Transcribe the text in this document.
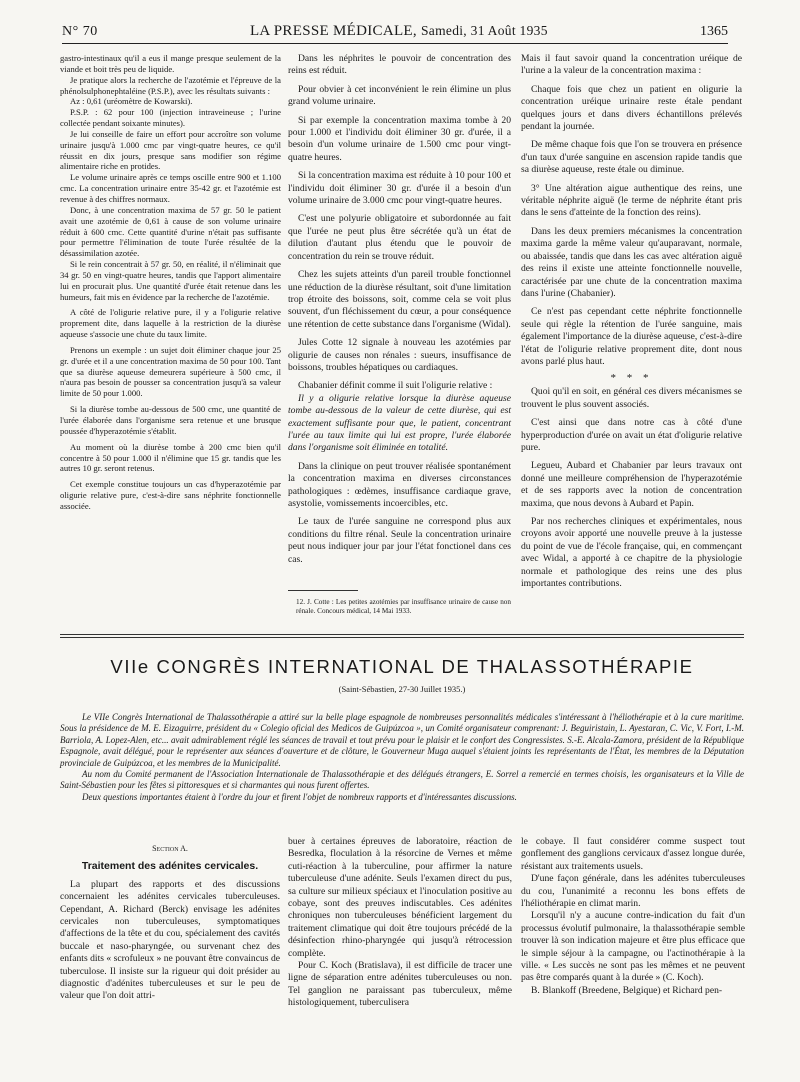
N° 70	LA PRESSE MÉDICALE, Samedi, 31 Août 1935	1365

gastro-intestinaux qu'il a eus il mange presque seulement de la viande et boit très peu de liquide.

Je pratique alors la recherche de l'azotémie et l'épreuve de la phénolsulphonephtaléine (P.S.P.), avec les résultats suivants :

Az : 0,61 (uréomètre de Kowarski).

P.S.P. : 62 pour 100 (injection intraveineuse ; l'urine collectée pendant soixante minutes).

Je lui conseille de faire un effort pour accroître son volume urinaire jusqu'à 1.000 cmc par vingt-quatre heures, ce qu'il réussit en dix jours, presque sans modifier son régime alimentaire riche en protides.

Le volume urinaire après ce temps oscille entre 900 et 1.100 cmc. La concentration urinaire entre 35-42 gr. et l'azotémie est revenue à des chiffres normaux.

Donc, à une concentration maxima de 57 gr. 50 le patient avait une azotémie de 0,61 à cause de son volume urinaire réduit à 600 cmc. Cette quantité d'urine n'était pas suffisante pour permettre l'élimination de toute l'urée résultée de la désassimilation azotée.

Si le rein concentrait à 57 gr. 50, en réalité, il n'éliminait que 34 gr. 50 en vingt-quatre heures, tandis que l'apport alimentaire lui en procurait plus. Une quantité d'urée était retenue dans les humeurs, fait mis en évidence par la recherche de l'azotémie.

A côté de l'oligurie relative pure, il y a l'oligurie relative proprement dite, dans laquelle à la restriction de la diurèse aqueuse s'associe une chute du taux limite.

Prenons un exemple : un sujet doit éliminer chaque jour 25 gr. d'urée et il a une concentration maxima de 50 pour 100. Tant que sa diurèse aqueuse demeurera supérieure à 500 cmc, il n'aura pas besoin de pousser sa concentration jusqu'à sa valeur limite de 50 pour 1.000.

Si la diurèse tombe au-dessous de 500 cmc, une quantité de l'urée élaborée dans l'organisme sera retenue et une brusque poussée d'hyperazotémie s'établit.

Au moment où la diurèse tombe à 200 cmc bien qu'il concentre à 50 pour 1.000 il n'élimine que 15 gr. tandis que les autres 10 gr. seront retenus.

Cet exemple constitue toujours un cas d'hyperazotémie par oligurie relative pure, c'est-à-dire sans néphrite fonctionnelle associée.

Dans les néphrites le pouvoir de concentration des reins est réduit.

Pour obvier à cet inconvénient le rein élimine un plus grand volume urinaire.

Si par exemple la concentration maxima tombe à 20 pour 1.000 et l'individu doit éliminer 30 gr. d'urée, il a besoin d'un volume urinaire de 1.500 cmc pour vingt-quatre heures.

Si la concentration maxima est réduite à 10 pour 100 et l'individu doit éliminer 30 gr. d'urée il a besoin d'un volume urinaire de 3.000 cmc pour vingt-quatre heures.

C'est une polyurie obligatoire et subordonnée au fait que l'urée ne peut plus être sécrétée qu'à un état de dilution d'autant plus étendu que le pouvoir de concentration du rein se trouve réduit.

Chez les sujets atteints d'un pareil trouble fonctionnel une réduction de la diurèse résultant, soit d'une limitation trop étroite des boissons, soit, comme cela se voit plus souvent, d'un fléchissement du cœur, a pour conséquence une rétention de cette substance dans l'organisme (Widal).

Jules Cotte 12 signale à nouveau les azotémies par oligurie de causes non rénales : sueurs, insuffisance de boissons, troubles hépatiques ou cardiaques.

Chabanier définit comme il suit l'oligurie relative :

Il y a oligurie relative lorsque la diurèse aqueuse tombe au-dessous de la valeur de cette diurèse, qui est exactement suffisante pour que, le patient, concentrant l'urée au taux limite qui lui est propre, l'urée élaborée dans l'organisme soit éliminée en totalité.

Dans la clinique on peut trouver réalisée spontanément la concentration maxima en diverses circonstances pathologiques : œdèmes, insuffisance cardiaque grave, asystolie, vomissements incoercibles, etc.

Le taux de l'urée sanguine ne correspond plus aux conditions du filtre rénal. Seule la concentration urinaire peut nous indiquer jour par jour l'état fonctionel dans ces cas.

12. J. Cotte : Les petites azotémies par insuffisance urinaire de cause non rénale. Concours médical, 14 Mai 1933.

Mais il faut savoir quand la concentration uréique de l'urine a la valeur de la concentration maxima :

Chaque fois que chez un patient en oligurie la concentration uréique urinaire reste étale pendant quelques jours et dans divers échantillons prélevés pendant la journée.

De même chaque fois que l'on se trouvera en présence d'un taux d'urée sanguine en ascension rapide tandis que sa diurèse aqueuse, reste étale ou diminue.

3° Une altération aigue authentique des reins, une véritable néphrite aiguë (le terme de néphrite étant pris dans le sens d'atteinte de la fonction des reins).

Dans les deux premiers mécanismes la concentration maxima garde la même valeur qu'auparavant, normale, ou abaissée, tandis que dans les cas avec altération aiguë des reins il existe une atteinte fonctionnelle nouvelle, caractérisée par une chute de la concentration maxima dans l'urine (Chabanier).

Ce n'est pas cependant cette néphrite fonctionnelle seule qui règle la rétention de l'urée sanguine, mais également l'importance de la diurèse aqueuse, c'est-à-dire l'état de l'oligurie relative proprement dite, dont nous avons parlé plus haut.

* * *

Quoi qu'il en soit, en général ces divers mécanismes se trouvent le plus souvent associés.

C'est ainsi que dans notre cas à côté d'une hyperproduction d'urée on avait un état d'oligurie relative pure.

Legueu, Aubard et Chabanier par leurs travaux ont donné une meilleure compréhension de l'hyperazotémie et de ses rapports avec la notion de concentration maxima, que nous devons à Aubard et Papin.

Par nos recherches cliniques et expérimentales, nous croyons avoir apporté une nouvelle preuve à la justesse du point de vue de l'école française, qui, en commençant avec Widal, a apporté à ce chapitre de la physiologie normale et pathologique des reins une des plus importantes contributions.

VIIe CONGRÈS INTERNATIONAL DE THALASSOTHÉRAPIE
(Saint-Sébastien, 27-30 Juillet 1935.)

Le VIIe Congrès International de Thalassothérapie a attiré sur la belle plage espagnole de nombreuses personnalités médicales s'intéressant à l'héliothérapie et à la cure maritime. Sous la présidence de M. E. Eizaguirre, président du « Colegio oficial des Medicos de Guipúzcoa », un Comité organisateur comprenant: J. Beguiristain, L. Ayestaran, C. Vic, V. Fort, I.-M. Barriola, A. Lopez-Alen, etc... avait admirablement réglé les séances de travail et tout prévu pour le plaisir et le confort des Congressistes. S.-E. Alcala-Zamora, président de la République Espagnole, avait délégué, pour le représenter aux séances d'ouverture et de clôture, le Gouverneur Muga auquel s'étaient joints les représentants de l'État, les membres de la Députation provinciale de Guipúzcoa, et les membres de la Municipalité.

Au nom du Comité permanent de l'Association Internationale de Thalassothérapie et des délégués étrangers, E. Sorrel a remercié en termes choisis, les organisateurs et la Ville de Saint-Sébastien pour les fêtes si pittoresques et si charmantes qui nous furent offertes.

Deux questions importantes étaient à l'ordre du jour et firent l'objet de nombreux rapports et d'intéressantes discussions.

Section A.
Traitement des adénites cervicales.

La plupart des rapports et des discussions concernaient les adénites cervicales tuberculeuses. Cependant, A. Richard (Berck) envisage les adénites cervicales non tuberculeuses, symptomatiques d'affections de la tête et du cou, spécialement des cavités buccale et naso-pharyngée, ou survenant chez des enfants dits « scrofuleux » ne pouvant être convaincus de tuberculose. Il insiste sur la rigueur qui doit présider au diagnostic d'adénites tuberculeuses et sur le peu de valeur que l'on doit attri-

buer à certaines épreuves de laboratoire, réaction de Besredka, floculation à la résorcine de Vernes et même cuti-réaction à la tuberculine, pour affirmer la nature tuberculeuse d'une adénite. Seuls l'examen direct du pus, sa culture sur milieux spéciaux et l'inoculation positive au cobaye, sont des preuves indiscutables. Ces adénites chroniques non tuberculeuses bénéficient largement du traitement climatique qui doit être toujours précédé de la désinfection rhino-pharyngée qui jusqu'à rétrocession complète.

Pour C. Koch (Bratislava), il est difficile de tracer une ligne de séparation entre adénites tuberculeuses ou non. Tel ganglion ne paraissant pas tuberculeux, même histologiquement, tuberculisera

le cobaye. Il faut considérer comme suspect tout gonflement des ganglions cervicaux d'assez longue durée, résistant aux traitements usuels.

D'une façon générale, dans les adénites tuberculeuses du cou, l'unanimité a reconnu les bons effets de l'héliothérapie en climat marin.

Lorsqu'il n'y a aucune contre-indication du fait d'un processus évolutif pulmonaire, la thalassothérapie semble trouver là son indication majeure et être plus efficace que le simple séjour à la campagne, ou l'actinothérapie à la ville. « Les succès ne sont pas les mêmes et ne peuvent pas être comparés quant à la durée » (C. Koch).

B. Blankoff (Breedene, Belgique) et Richard pen-
